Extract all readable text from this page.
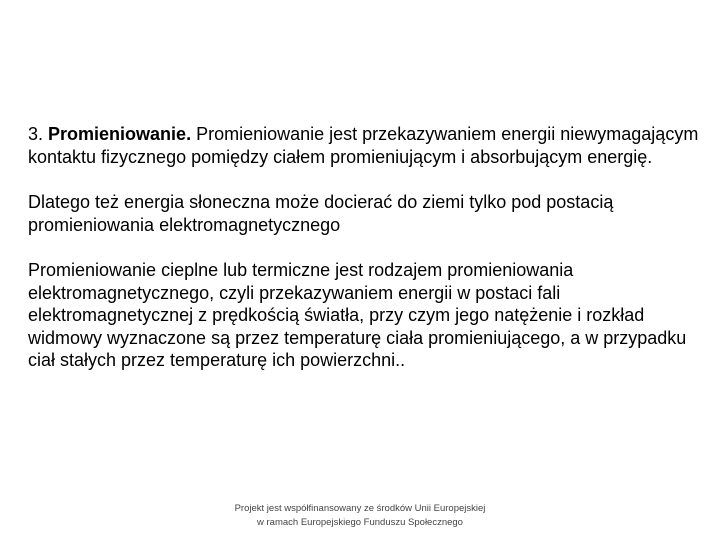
3. Promieniowanie. Promieniowanie jest przekazywaniem energii niewymagającym kontaktu fizycznego pomiędzy ciałem promieniującym i absorbującym energię.

Dlatego też energia słoneczna może docierać do ziemi tylko pod postacią promieniowania elektromagnetycznego

Promieniowanie cieplne lub termiczne jest rodzajem promieniowania elektromagnetycznego, czyli przekazywaniem energii w postaci fali elektromagnetycznej z prędkością światła, przy czym jego natężenie i rozkład widmowy wyznaczone są przez temperaturę ciała promieniującego, a w przypadku ciał stałych przez temperaturę ich powierzchni..

Projekt jest współfinansowany ze środków Unii Europejskiej
w ramach Europejskiego Funduszu Społecznego
